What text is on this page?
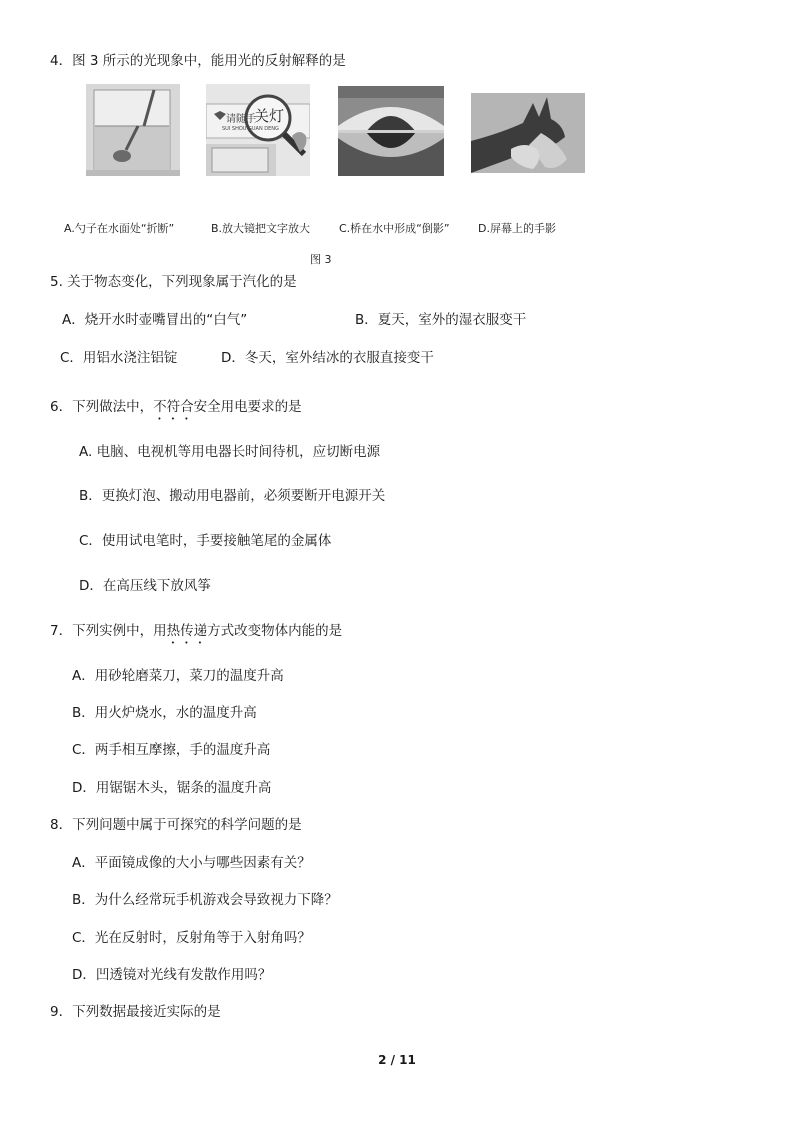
4．图 3 所示的光现象中，能用光的反射解释的是
请随手
关灯
SUI SHOU GUAN DENG
A.勺子在水面处“折断”	B.放大镜把文字放大	C.桥在水中形成“倒影”	D.屏幕上的手影
图 3
5. 关于物态变化，下列现象属于汽化的是
A．烧开水时壶嘴冒出的“白气”	B．夏天，室外的湿衣服变干
C．用铝水浇注铝锭	D．冬天，室外结冰的衣服直接变干
6．下列做法中，不符合安全用电要求的是
A. 电脑、电视机等用电器长时间待机，应切断电源
B．更换灯泡、搬动用电器前，必须要断开电源开关
C．使用试电笔时，手要接触笔尾的金属体
D．在高压线下放风筝
7．下列实例中，用热传递方式改变物体内能的是
A．用砂轮磨菜刀，菜刀的温度升高
B．用火炉烧水，水的温度升高
C．两手相互摩擦，手的温度升高
D．用锯锯木头，锯条的温度升高
8．下列问题中属于可探究的科学问题的是
A．平面镜成像的大小与哪些因素有关？
B．为什么经常玩手机游戏会导致视力下降？
C．光在反射时，反射角等于入射角吗？
D．凹透镜对光线有发散作用吗？
9．下列数据最接近实际的是
2 / 11
